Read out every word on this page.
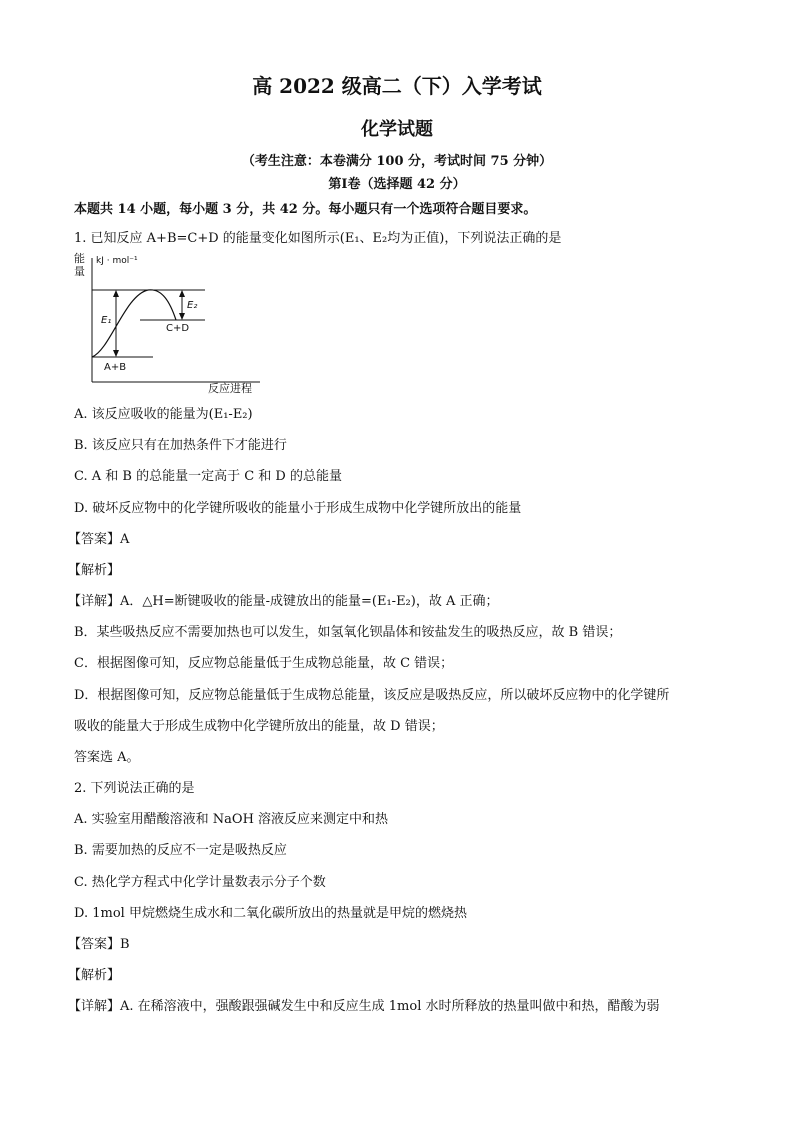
高 2022 级高二（下）入学考试
化学试题
（考生注意：本卷满分 100 分，考试时间 75 分钟）
第Ⅰ卷（选择题 42 分）
本题共 14 小题，每小题 3 分，共 42 分。每小题只有一个选项符合题目要求。
1. 已知反应 A+B=C+D 的能量变化如图所示(E₁、E₂均为正值)，下列说法正确的是
能
量
kJ · mol⁻¹
反应进程
E₁
E₂
C+D
A+B
A. 该反应吸收的能量为(E₁-E₂)
B. 该反应只有在加热条件下才能进行
C. A 和 B 的总能量一定高于 C 和 D 的总能量
D. 破坏反应物中的化学键所吸收的能量小于形成生成物中化学键所放出的能量
【答案】A
【解析】
【详解】A．△H=断键吸收的能量-成键放出的能量=(E₁-E₂)，故 A 正确；
B．某些吸热反应不需要加热也可以发生，如氢氧化钡晶体和铵盐发生的吸热反应，故 B 错误；
C．根据图像可知，反应物总能量低于生成物总能量，故 C 错误；
D．根据图像可知，反应物总能量低于生成物总能量，该反应是吸热反应，所以破坏反应物中的化学键所
吸收的能量大于形成生成物中化学键所放出的能量，故 D 错误；
答案选 A。
2. 下列说法正确的是
A. 实验室用醋酸溶液和 NaOH 溶液反应来测定中和热
B. 需要加热的反应不一定是吸热反应
C. 热化学方程式中化学计量数表示分子个数
D. 1mol 甲烷燃烧生成水和二氧化碳所放出的热量就是甲烷的燃烧热
【答案】B
【解析】
【详解】A. 在稀溶液中，强酸跟强碱发生中和反应生成 1mol 水时所释放的热量叫做中和热，醋酸为弱
